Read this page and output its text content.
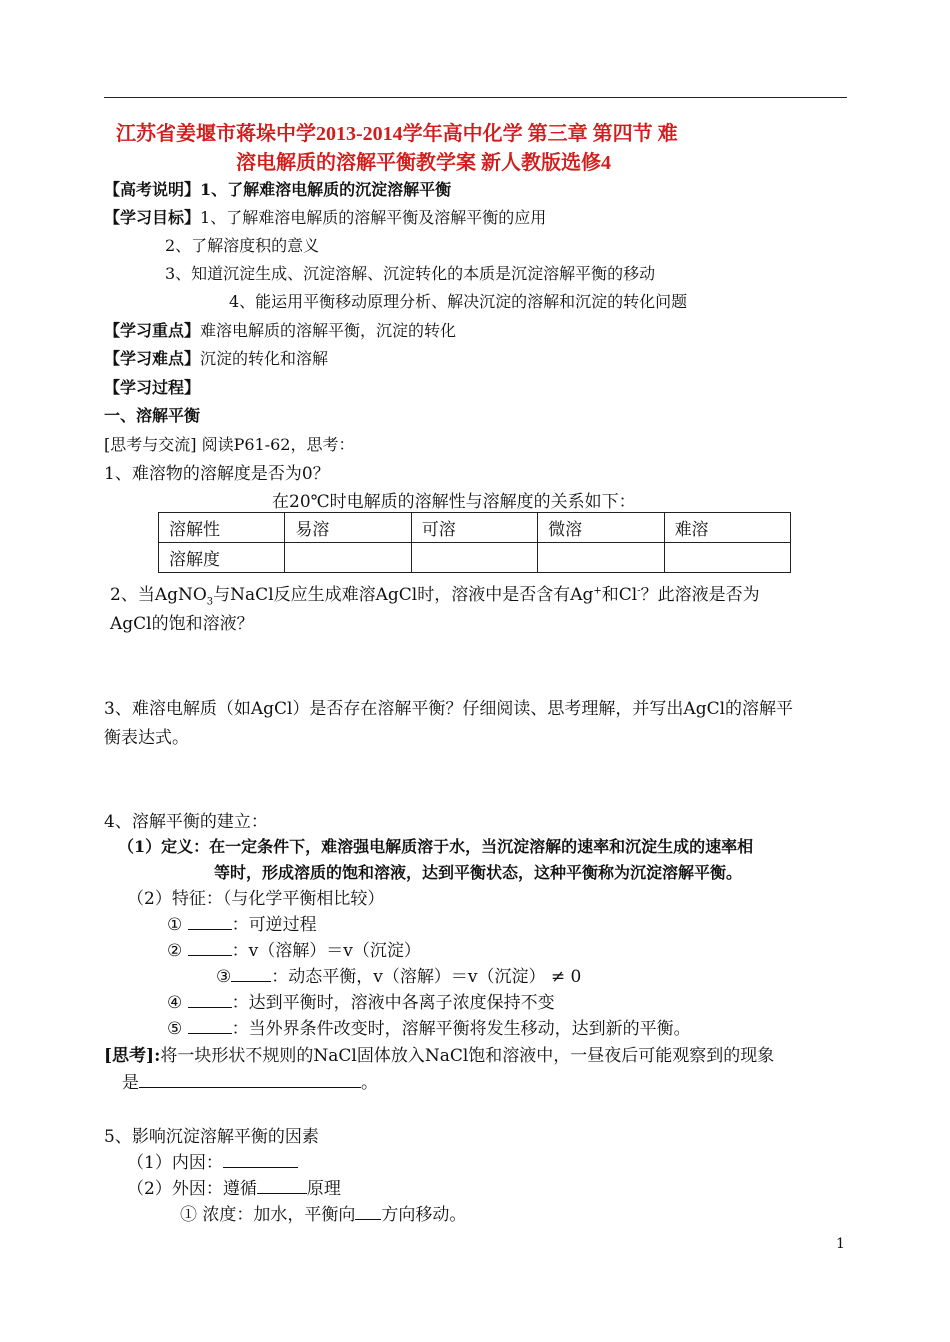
江苏省姜堰市蒋垛中学2013-2014学年高中化学 第三章 第四节 难
溶电解质的溶解平衡教学案 新人教版选修4
【高考说明】1、了解难溶电解质的沉淀溶解平衡
【学习目标】1、了解难溶电解质的溶解平衡及溶解平衡的应用
2、了解溶度积的意义
3、知道沉淀生成、沉淀溶解、沉淀转化的本质是沉淀溶解平衡的移动
4、能运用平衡移动原理分析、解决沉淀的溶解和沉淀的转化问题
【学习重点】难溶电解质的溶解平衡，沉淀的转化
【学习难点】沉淀的转化和溶解
【学习过程】
一、溶解平衡
[思考与交流] 阅读P61-62，思考：
1、难溶物的溶解度是否为0？
在20℃时电解质的溶解性与溶解度的关系如下：
溶解性	易溶	可溶	微溶	难溶
溶解度				
2、当AgNO$_3$与NaCl反应生成难溶AgCl时，溶液中是否含有Ag+和Cl-？此溶液是否为
AgCl的饱和溶液？
3、难溶电解质（如AgCl）是否存在溶解平衡？仔细阅读、思考理解，并写出AgCl的溶解平
衡表达式。
4、溶解平衡的建立：
（1）定义：在一定条件下，难溶强电解质溶于水，当沉淀溶解的速率和沉淀生成的速率相
等时，形成溶质的饱和溶液，达到平衡状态，这种平衡称为沉淀溶解平衡。
（2）特征：（与化学平衡相比较）
①	：可逆过程
②	：v（溶解）＝v（沉淀）
③ ：动态平衡，v（溶解）＝v（沉淀） ≠ 0
④	：达到平衡时，溶液中各离子浓度保持不变
⑤	：当外界条件改变时，溶解平衡将发生移动，达到新的平衡。
[思考]:将一块形状不规则的NaCl固体放入NaCl饱和溶液中，一昼夜后可能观察到的现象
是	。
5、影响沉淀溶解平衡的因素
（1）内因：
（2）外因：遵循	原理
① 浓度：加水，平衡向 方向移动。
1
